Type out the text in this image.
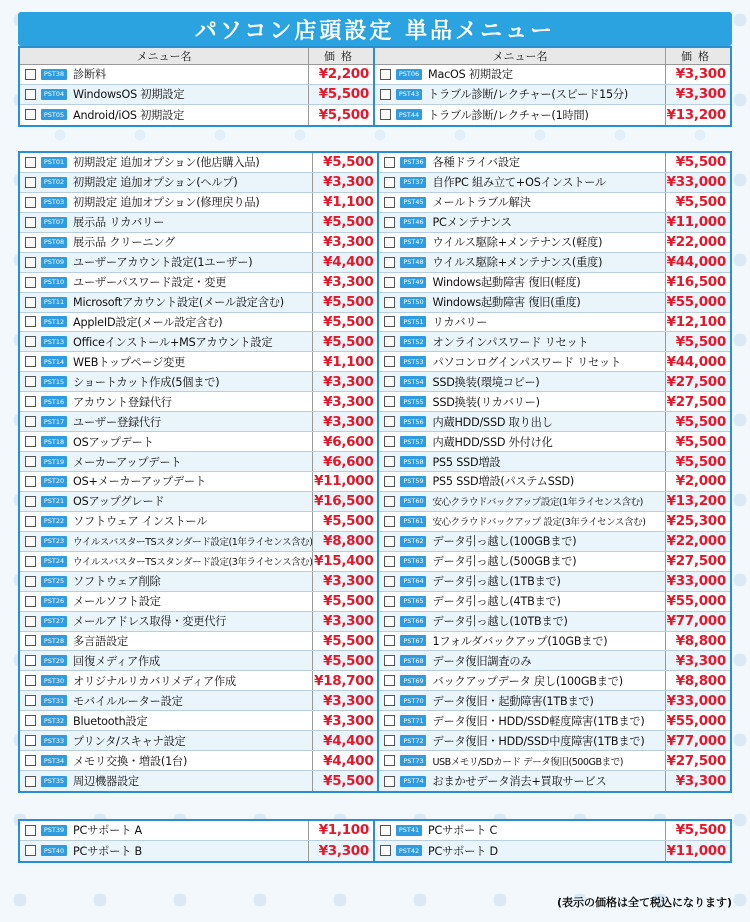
パソコン店頭設定 単品メニュー
メニュー名	価格
PST38 診断料	¥2,200
PST04 WindowsOS 初期設定	¥5,500
PST05 Android/iOS 初期設定	¥5,500
メニュー名	価格
PST06 MacOS 初期設定	¥3,300
PST43 トラブル診断/レクチャー(スピード15分)	¥3,300
PST44 トラブル診断/レクチャー(1時間)	¥13,200
PST01 初期設定 追加オプション(他店購入品)	¥5,500
PST02 初期設定 追加オプション(ヘルプ)	¥3,300
PST03 初期設定 追加オプション(修理戻り品)	¥1,100
PST07 展示品 リカバリー	¥5,500
PST08 展示品 クリーニング	¥3,300
PST09 ユーザーアカウント設定(1ユーザー)	¥4,400
PST10 ユーザーパスワード設定・変更	¥3,300
PST11 Microsoftアカウント設定(メール設定含む)	¥5,500
PST12 AppleID設定(メール設定含む)	¥5,500
PST13 Officeインストール+MSアカウント設定	¥5,500
PST14 WEBトップページ変更	¥1,100
PST15 ショートカット作成(5個まで)	¥3,300
PST16 アカウント登録代行	¥3,300
PST17 ユーザー登録代行	¥3,300
PST18 OSアップデート	¥6,600
PST19 メーカーアップデート	¥6,600
PST20 OS+メーカーアップデート	¥11,000
PST21 OSアップグレード	¥16,500
PST22 ソフトウェア インストール	¥5,500
PST23 ウイルスバスターTSスタンダード設定(1年ライセンス含む) ¥8,800
PST24 ウイルスバスターTSスタンダード設定(3年ライセンス含む) ¥15,400
PST25 ソフトウェア削除	¥3,300
PST26 メールソフト設定	¥5,500
PST27 メールアドレス取得・変更代行	¥3,300
PST28 多言語設定	¥5,500
PST29 回復メディア作成	¥5,500
PST30 オリジナルリカバリメディア作成	¥18,700
PST31 モバイルルーター設定	¥3,300
PST32 Bluetooth設定	¥3,300
PST33 プリンタ/スキャナ設定	¥4,400
PST34 メモリ交換・増設(1台)	¥4,400
PST35 周辺機器設定	¥5,500
PST36 各種ドライバ設定	¥5,500
PST37 自作PC 組み立て+OSインストール	¥33,000
PST45 メールトラブル解決	¥5,500
PST46 PCメンテナンス	¥11,000
PST47 ウイルス駆除+メンテナンス(軽度)	¥22,000
PST48 ウイルス駆除+メンテナンス(重度)	¥44,000
PST49 Windows起動障害 復旧(軽度)	¥16,500
PST50 Windows起動障害 復旧(重度)	¥55,000
PST51 リカバリー	¥12,100
PST52 オンラインパスワード リセット	¥5,500
PST53 パソコンログインパスワード リセット	¥44,000
PST54 SSD換装(環境コピー)	¥27,500
PST55 SSD換装(リカバリー)	¥27,500
PST56 内蔵HDD/SSD 取り出し	¥5,500
PST57 内蔵HDD/SSD 外付け化	¥5,500
PST58 PS5 SSD増設	¥5,500
PST59 PS5 SSD増設(パステムSSD)	¥2,000
PST60 安心クラウドバックアップ設定(1年ライセンス含む)	¥13,200
PST61 安心クラウドバックアップ 設定(3年ライセンス含む)	¥25,300
PST62 データ引っ越し(100GBまで)	¥22,000
PST63 データ引っ越し(500GBまで)	¥27,500
PST64 データ引っ越し(1TBまで)	¥33,000
PST65 データ引っ越し(4TBまで)	¥55,000
PST66 データ引っ越し(10TBまで)	¥77,000
PST67 1フォルダバックアップ(10GBまで)	¥8,800
PST68 データ復旧調査のみ	¥3,300
PST69 バックアップデータ 戻し(100GBまで)	¥8,800
PST70 データ復旧・起動障害(1TBまで)	¥33,000
PST71 データ復旧・HDD/SSD軽度障害(1TBまで)	¥55,000
PST72 データ復旧・HDD/SSD中度障害(1TBまで)	¥77,000
PST73 USBメモリ/SDカード データ復旧(500GBまで)	¥27,500
PST74 おまかせデータ消去+買取サービス	¥3,300
PST39 PCサポート A	¥1,100
PST40 PCサポート B	¥3,300
PST41 PCサポート C	¥5,500
PST42 PCサポート D	¥11,000
(表示の価格は全て税込になります)
